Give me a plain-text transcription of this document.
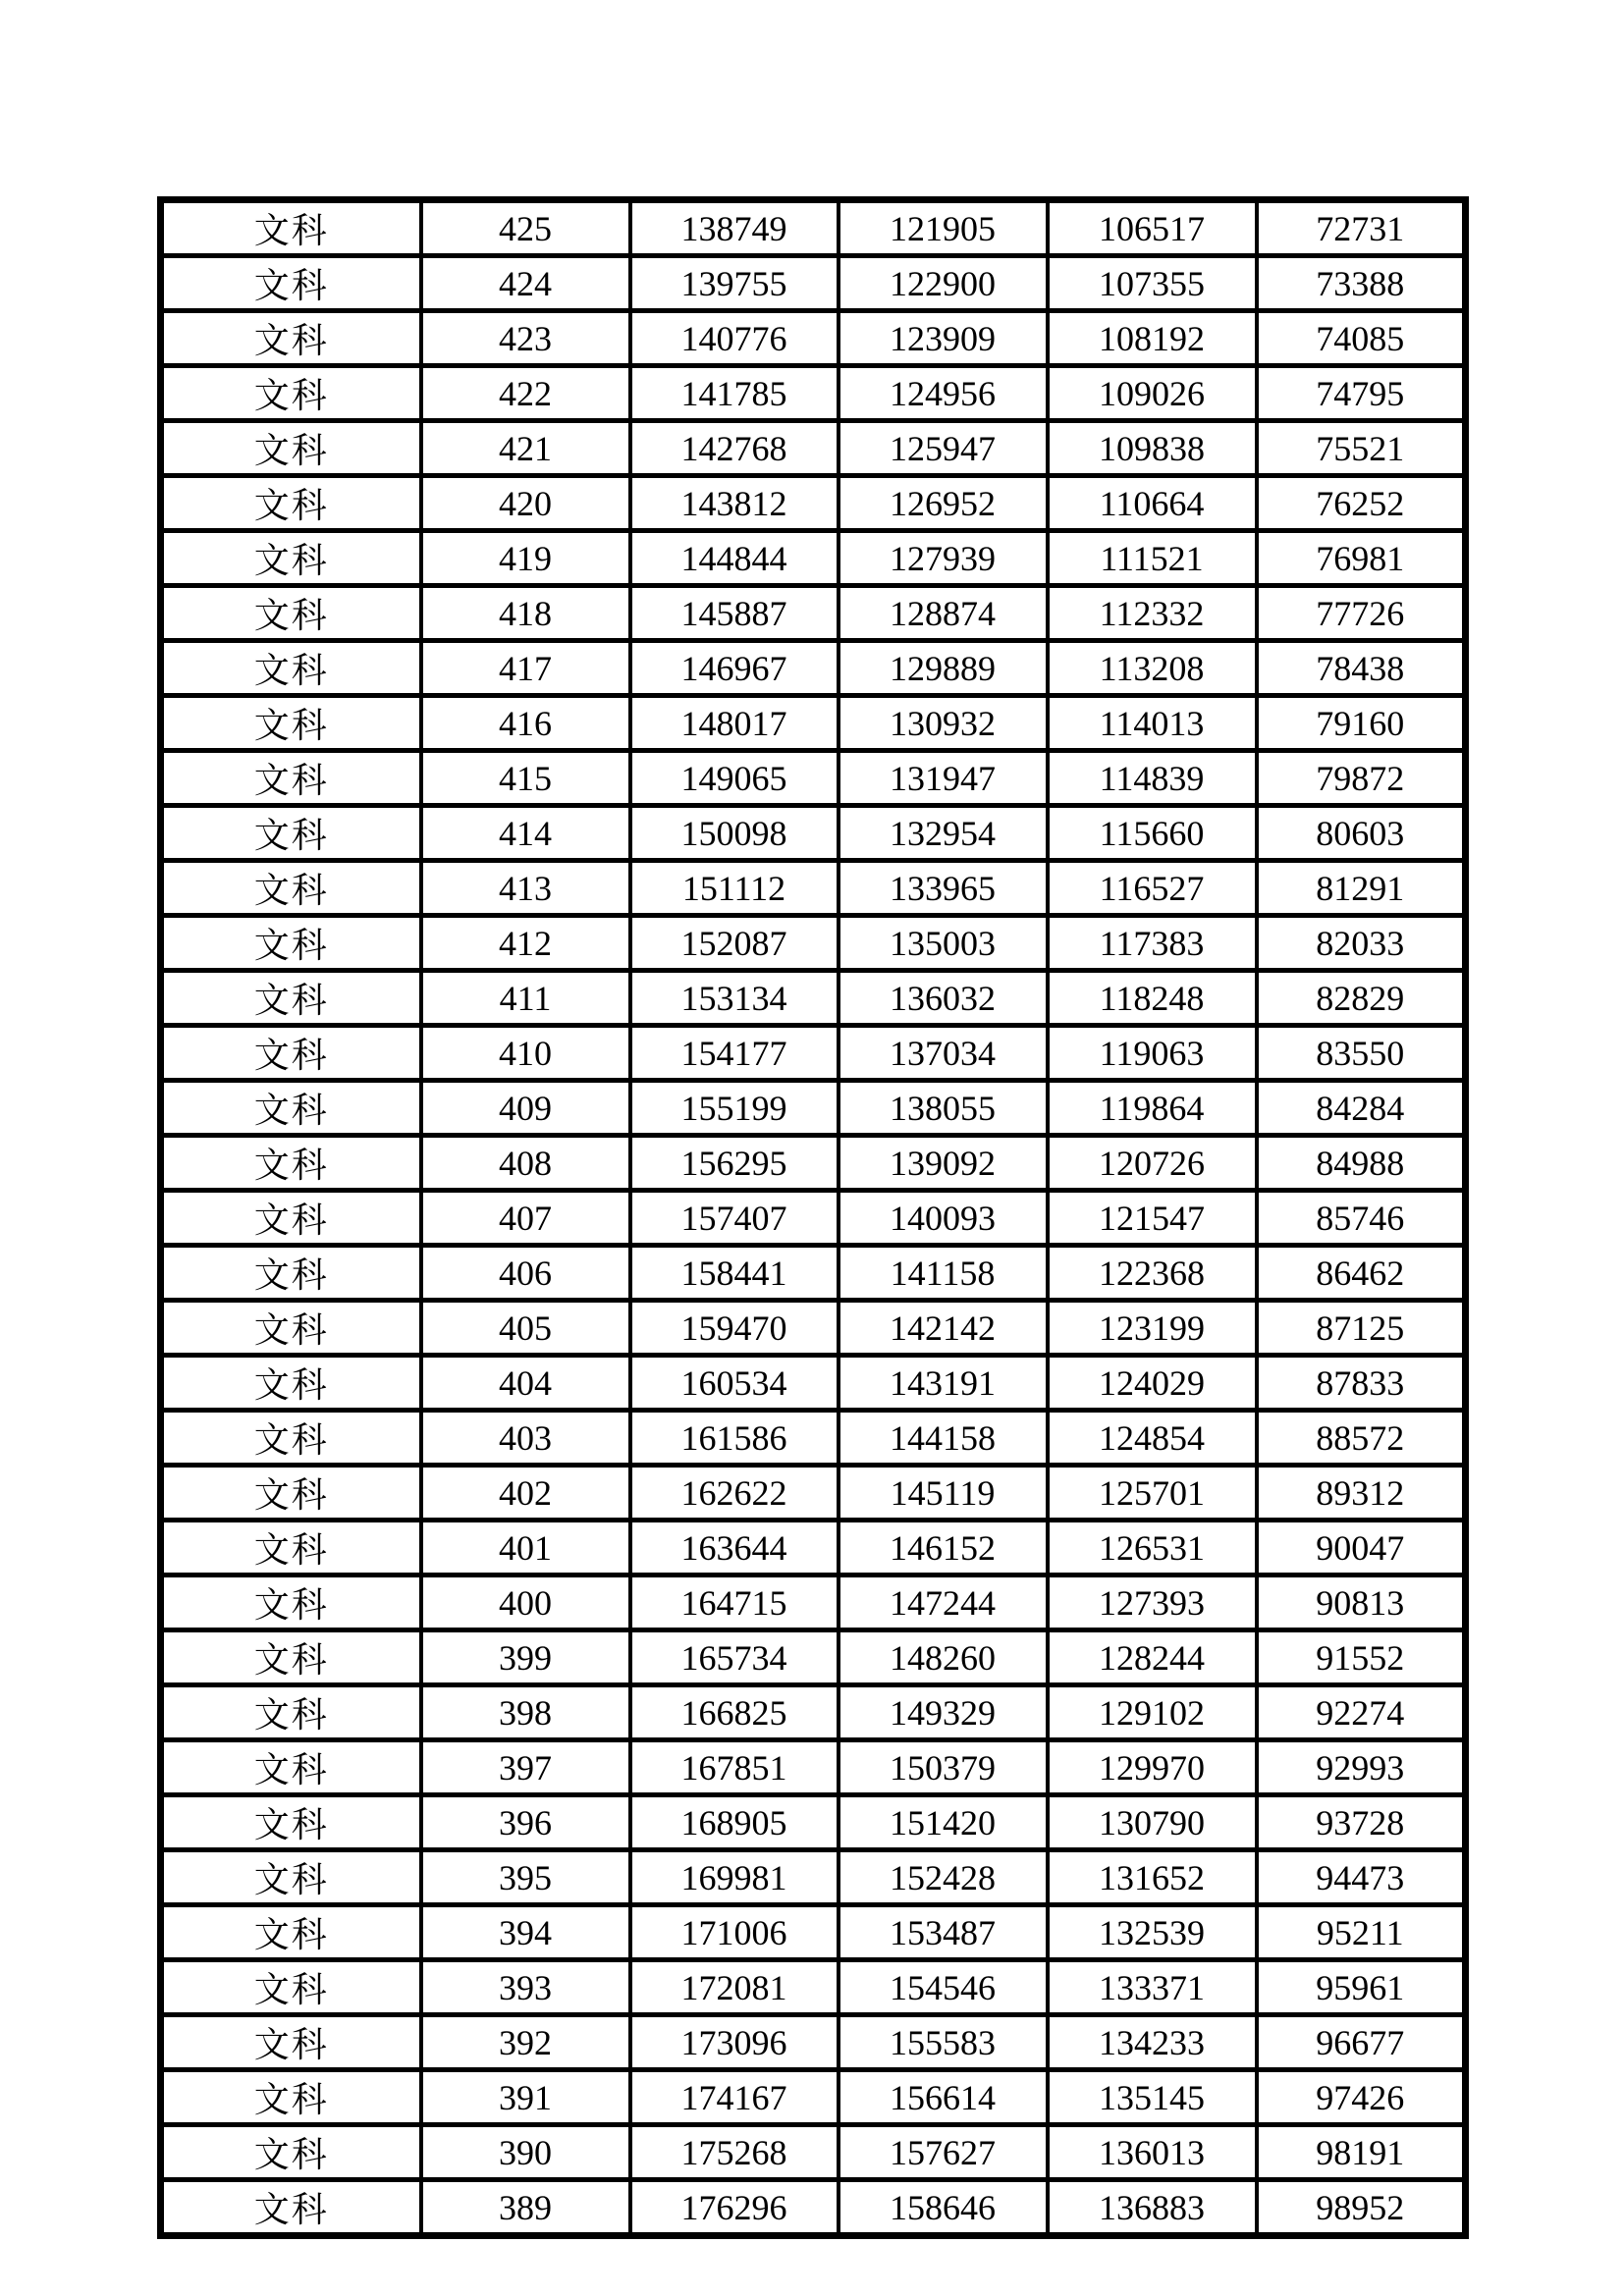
文科	425	138749	121905	106517	72731
文科	424	139755	122900	107355	73388
文科	423	140776	123909	108192	74085
文科	422	141785	124956	109026	74795
文科	421	142768	125947	109838	75521
文科	420	143812	126952	110664	76252
文科	419	144844	127939	111521	76981
文科	418	145887	128874	112332	77726
文科	417	146967	129889	113208	78438
文科	416	148017	130932	114013	79160
文科	415	149065	131947	114839	79872
文科	414	150098	132954	115660	80603
文科	413	151112	133965	116527	81291
文科	412	152087	135003	117383	82033
文科	411	153134	136032	118248	82829
文科	410	154177	137034	119063	83550
文科	409	155199	138055	119864	84284
文科	408	156295	139092	120726	84988
文科	407	157407	140093	121547	85746
文科	406	158441	141158	122368	86462
文科	405	159470	142142	123199	87125
文科	404	160534	143191	124029	87833
文科	403	161586	144158	124854	88572
文科	402	162622	145119	125701	89312
文科	401	163644	146152	126531	90047
文科	400	164715	147244	127393	90813
文科	399	165734	148260	128244	91552
文科	398	166825	149329	129102	92274
文科	397	167851	150379	129970	92993
文科	396	168905	151420	130790	93728
文科	395	169981	152428	131652	94473
文科	394	171006	153487	132539	95211
文科	393	172081	154546	133371	95961
文科	392	173096	155583	134233	96677
文科	391	174167	156614	135145	97426
文科	390	175268	157627	136013	98191
文科	389	176296	158646	136883	98952
